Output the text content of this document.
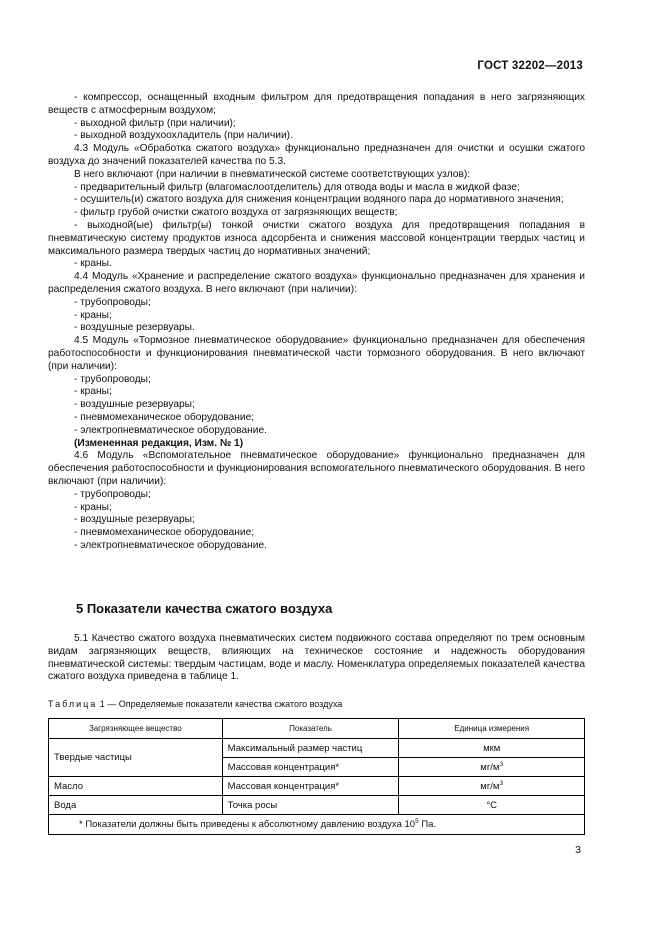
ГОСТ 32202—2013

- компрессор, оснащенный входным фильтром для предотвращения попадания в него загрязняющих веществ с атмосферным воздухом;

- выходной фильтр (при наличии);

- выходной воздухоохладитель (при наличии).

4.3 Модуль «Обработка сжатого воздуха» функционально предназначен для очистки и осушки сжатого воздуха до значений показателей качества по 5.3.

В него включают (при наличии в пневматической системе соответствующих узлов):

- предварительный фильтр (влагомаслоотделитель) для отвода воды и масла в жидкой фазе;

- осушитель(и) сжатого воздуха для снижения концентрации водяного пара до нормативного значения;

- фильтр грубой очистки сжатого воздуха от загрязняющих веществ;

- выходной(ые) фильтр(ы) тонкой очистки сжатого воздуха для предотвращения попадания в пневматическую систему продуктов износа адсорбента и снижения массовой концентрации твердых частиц и максимального размера твердых частиц до нормативных значений;

- краны.

4.4 Модуль «Хранение и распределение сжатого воздуха» функционально предназначен для хранения и распределения сжатого воздуха. В него включают (при наличии):

- трубопроводы;

- краны;

- воздушные резервуары.

4.5 Модуль «Тормозное пневматическое оборудование» функционально предназначен для обеспечения работоспособности и функционирования пневматической части тормозного оборудования. В него включают (при наличии):

- трубопроводы;

- краны;

- воздушные резервуары;

- пневмомеханическое оборудование;

- электропневматическое оборудование.

(Измененная редакция, Изм. № 1)

4.6 Модуль «Вспомогательное пневматическое оборудование» функционально предназначен для обеспечения работоспособности и функционирования вспомогательного пневматического оборудования. В него включают (при наличии):

- трубопроводы;

- краны;

- воздушные резервуары;

- пневмомеханическое оборудование;

- электропневматическое оборудование.

5 Показатели качества сжатого воздуха

5.1 Качество сжатого воздуха пневматических систем подвижного состава определяют по трем основным видам загрязняющих веществ, влияющих на техническое состояние и надежность оборудования пневматической системы: твердым частицам, воде и маслу. Номенклатура определяемых показателей качества сжатого воздуха приведена в таблице 1.

Таблица 1 — Определяемые показатели качества сжатого воздуха
Загрязняющее вещество	Показатель	Единица измерения
Твердые частицы	Максимальный размер частиц	мкм
	Массовая концентрация*	$мг/м^3$
Масло	Массовая концентрация*	$мг/м^3$
Вода	Точка росы	°С
* Показатели должны быть приведены к абсолютному давлению воздуха $10^5$ Па.		
3
